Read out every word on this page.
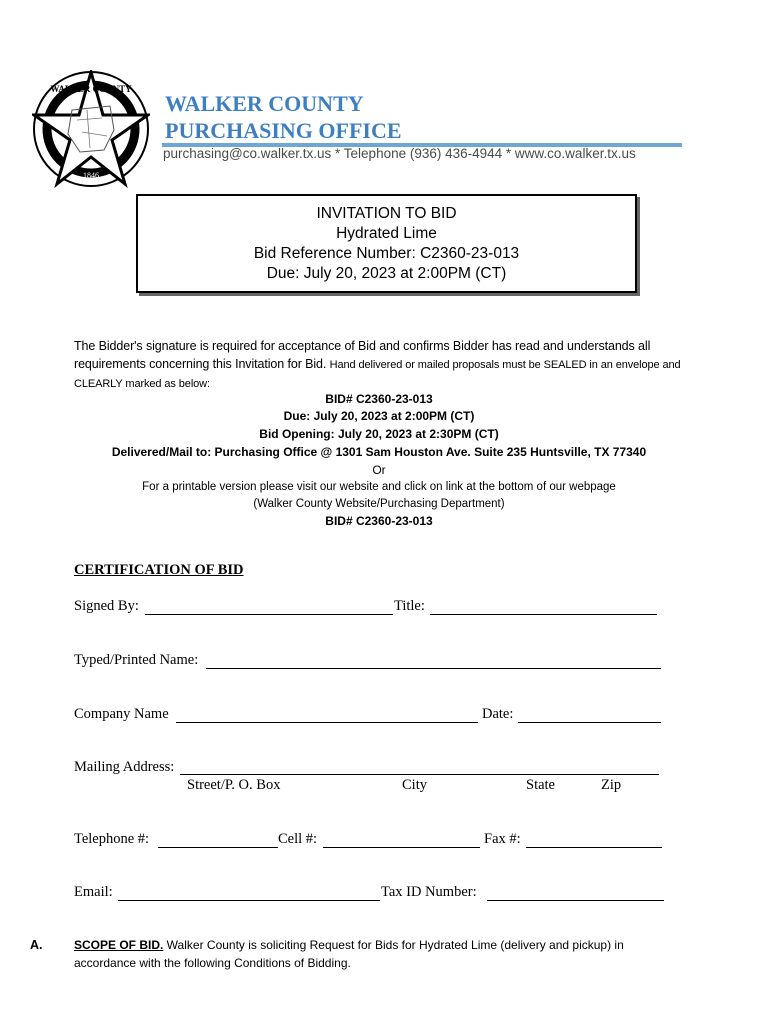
WALKER COUNTY
1846
WALKER COUNTY
PURCHASING OFFICE
purchasing@co.walker.tx.us * Telephone (936) 436-4944 * www.co.walker.tx.us
INVITATION TO BID
Hydrated Lime
Bid Reference Number: C2360-23-013
Due: July 20, 2023 at 2:00PM (CT)
The Bidder's signature is required for acceptance of Bid and confirms Bidder has read and understands all requirements concerning this Invitation for Bid. Hand delivered or mailed proposals must be SEALED in an envelope and CLEARLY marked as below:
BID# C2360-23-013
Due: July 20, 2023 at 2:00PM (CT)
Bid Opening: July 20, 2023 at 2:30PM (CT)
Delivered/Mail to: Purchasing Office @ 1301 Sam Houston Ave. Suite 235 Huntsville, TX 77340
Or
For a printable version please visit our website and click on link at the bottom of our webpage
(Walker County Website/Purchasing Department)
BID# C2360-23-013
CERTIFICATION OF BID
Signed By:	Title:
Typed/Printed Name:
Company Name	Date:
Mailing Address:
Street/P. O. Box	City	State	Zip
Telephone #:	Cell #:	Fax #:
Email:	Tax ID Number:
A.	SCOPE OF BID. Walker County is soliciting Request for Bids for Hydrated Lime (delivery and pickup) in accordance with the following Conditions of Bidding.
